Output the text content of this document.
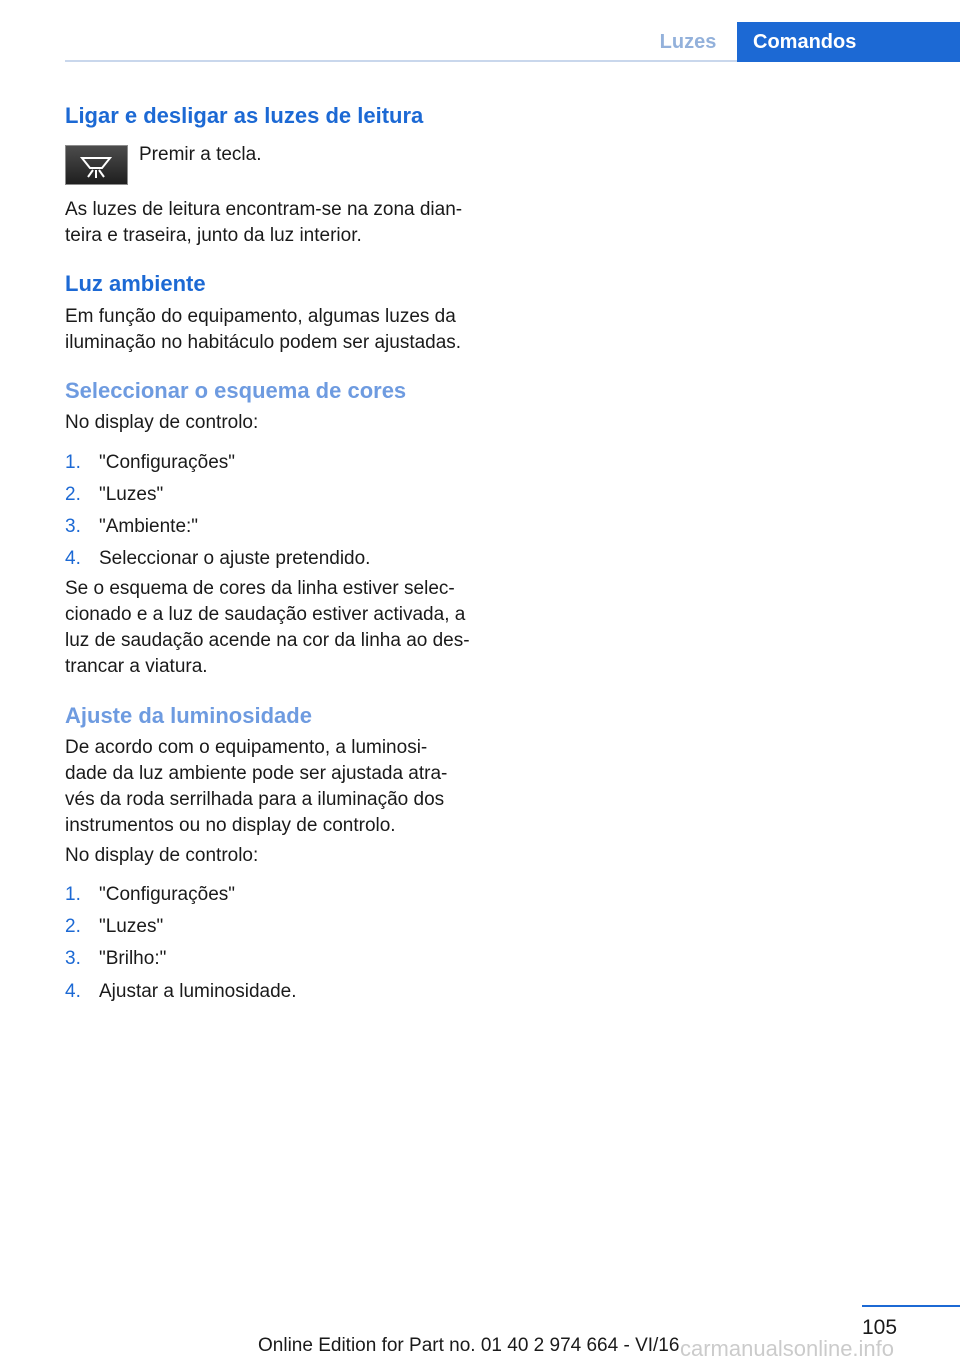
Luzes	Comandos
Ligar e desligar as luzes de leitura
Premir a tecla.
As luzes de leitura encontram-se na zona dian-
teira e traseira, junto da luz interior.
Luz ambiente
Em função do equipamento, algumas luzes da
iluminação no habitáculo podem ser ajustadas.
Seleccionar o esquema de cores
No display de controlo:
1. "Configurações"
2. "Luzes"
3. "Ambiente:"
4. Seleccionar o ajuste pretendido.
Se o esquema de cores da linha estiver selec-
cionado e a luz de saudação estiver activada, a
luz de saudação acende na cor da linha ao des-
trancar a viatura.
Ajuste da luminosidade
De acordo com o equipamento, a luminosi-
dade da luz ambiente pode ser ajustada atra-
vés da roda serrilhada para a iluminação dos
instrumentos ou no display de controlo.
No display de controlo:
1. "Configurações"
2. "Luzes"
3. "Brilho:"
4. Ajustar a luminosidade.
105
Online Edition for Part no. 01 40 2 974 664 - VI/16 carmanualsonline.info
